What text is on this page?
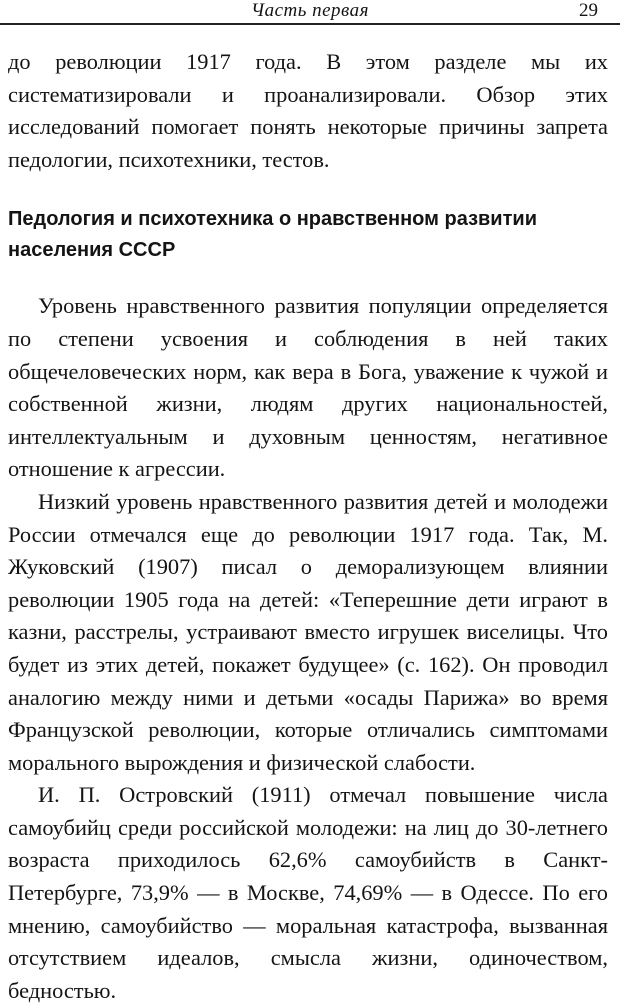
Часть первая	29

до революции 1917 года. В этом разделе мы их систематизировали и проанализировали. Обзор этих исследований помогает понять некоторые причины запрета педологии, психотехники, тестов.

Педология и психотехника о нравственном развитии населения СССР

Уровень нравственного развития популяции определяется по степени усвоения и соблюдения в ней таких общечеловеческих норм, как вера в Бога, уважение к чужой и собственной жизни, людям других национальностей, интеллектуальным и духовным ценностям, негативное отношение к агрессии.

Низкий уровень нравственного развития детей и молодежи России отмечался еще до революции 1917 года. Так, М. Жуковский (1907) писал о деморализующем влиянии революции 1905 года на детей: «Теперешние дети играют в казни, расстрелы, устраивают вместо игрушек виселицы. Что будет из этих детей, покажет будущее» (с. 162). Он проводил аналогию между ними и детьми «осады Парижа» во время Французской революции, которые отличались симптомами морального вырождения и физической слабости.

И. П. Островский (1911) отмечал повышение числа самоубийц среди российской молодежи: на лиц до 30-летнего возраста приходилось 62,6% самоубийств в Санкт-Петербурге, 73,9% — в Москве, 74,69% — в Одессе. По его мнению, самоубийство — моральная катастрофа, вызванная отсутствием идеалов, смысла жизни, одиночеством, бедностью.
